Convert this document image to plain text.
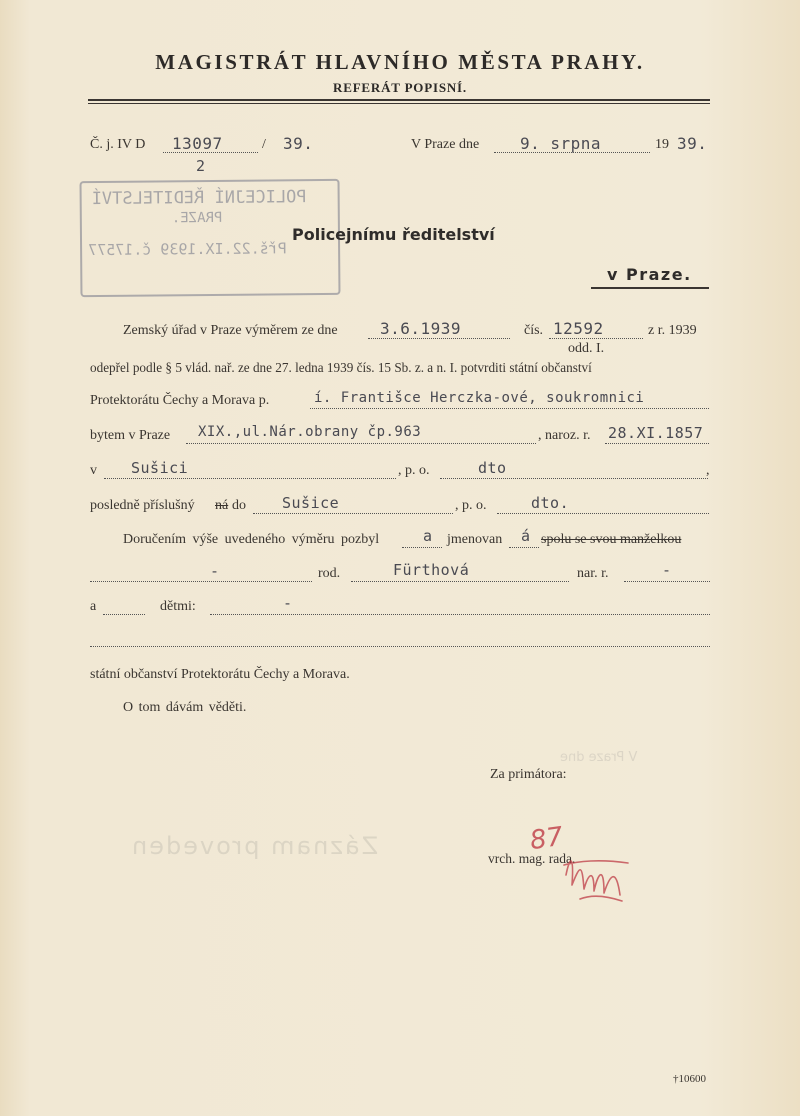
V Praze dne
Záznam proveden
MAGISTRÁT HLAVNÍHO MĚSTA PRAHY.
REFERÁT POPISNÍ.
Č. j. IV D 13097	/ 39.
2
V Praze dne	9. srpna	19 39.
POLICEJNÍ ŘEDITELSTVÍ
PRAZE.
Přš.22.IX.1939 č.17577
Policejnímu ředitelství
v Praze.
Zemský úřad v Praze výměrem ze dne	3.6.1939	čís. 12592	z r. 1939
odd. I.
odepřel podle § 5 vlád. nař. ze dne 27. ledna 1939 čís. 15 Sb. z. a n. I. potvrditi státní občanství
Protektorátu Čechy a Morava p.	í. Františce Herczka-ové, soukromnici
bytem v Praze XIX.,ul.Nár.obrany čp.963	, naroz. r. 28.XI.1857
v Sušici	, p. o.	dto	,
posledně příslušný ná do Sušice	, p. o.	dto.
Doručením výše uvedeného výměru pozbyl	a jmenovan á spolu se svou manželkou
-	rod.	Fürthová	nar. r.	-
a	dětmi:	-
státní občanství Protektorátu Čechy a Morava.
O tom dávám věděti.
Za primátora:
87
vrch. mag. rada.
†10600
